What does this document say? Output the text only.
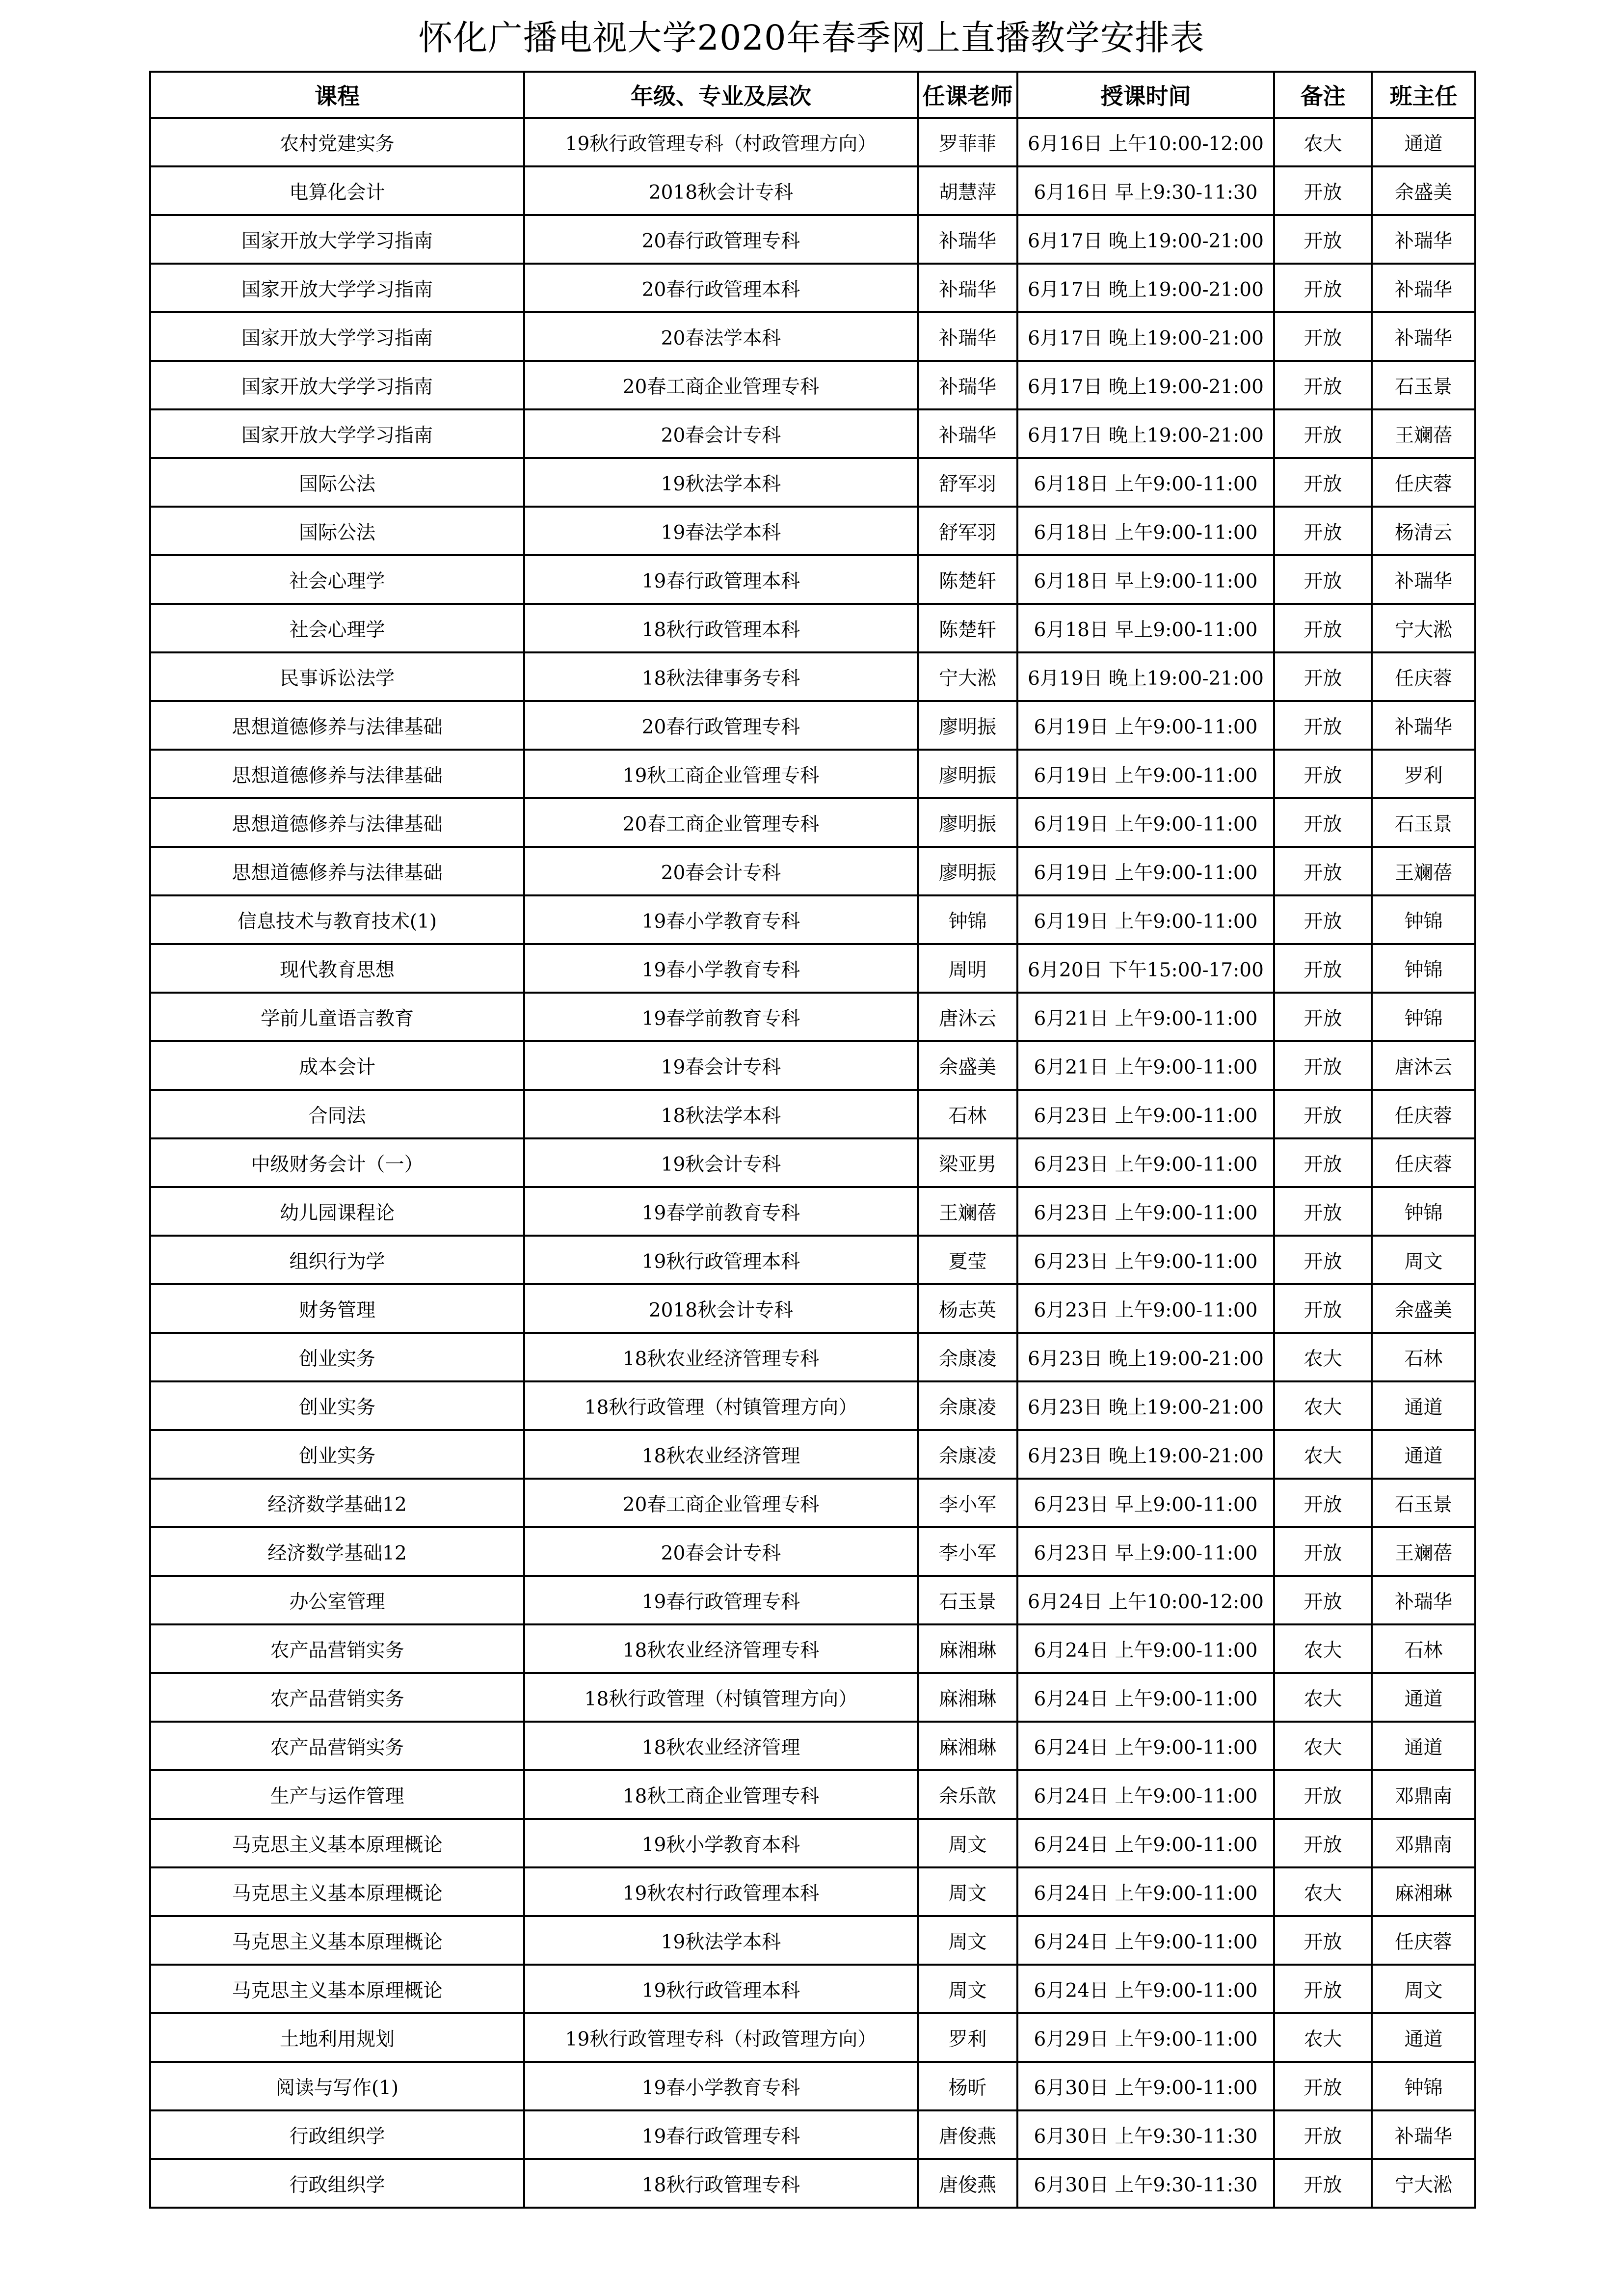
怀化广播电视大学2020年春季网上直播教学安排表
课程	年级、专业及层次	任课老师	授课时间	备注	班主任
农村党建实务	19秋行政管理专科（村政管理方向）	罗菲菲	6月16日 上午10:00-12:00	农大	通道
电算化会计	2018秋会计专科	胡慧萍	6月16日 早上9:30-11:30	开放	余盛美
国家开放大学学习指南	20春行政管理专科	补瑞华	6月17日 晚上19:00-21:00	开放	补瑞华
国家开放大学学习指南	20春行政管理本科	补瑞华	6月17日 晚上19:00-21:00	开放	补瑞华
国家开放大学学习指南	20春法学本科	补瑞华	6月17日 晚上19:00-21:00	开放	补瑞华
国家开放大学学习指南	20春工商企业管理专科	补瑞华	6月17日 晚上19:00-21:00	开放	石玉景
国家开放大学学习指南	20春会计专科	补瑞华	6月17日 晚上19:00-21:00	开放	王斓蓓
国际公法	19秋法学本科	舒军羽	6月18日 上午9:00-11:00	开放	任庆蓉
国际公法	19春法学本科	舒军羽	6月18日 上午9:00-11:00	开放	杨清云
社会心理学	19春行政管理本科	陈楚轩	6月18日 早上9:00-11:00	开放	补瑞华
社会心理学	18秋行政管理本科	陈楚轩	6月18日 早上9:00-11:00	开放	宁大淞
民事诉讼法学	18秋法律事务专科	宁大淞	6月19日 晚上19:00-21:00	开放	任庆蓉
思想道德修养与法律基础	20春行政管理专科	廖明振	6月19日 上午9:00-11:00	开放	补瑞华
思想道德修养与法律基础	19秋工商企业管理专科	廖明振	6月19日 上午9:00-11:00	开放	罗利
思想道德修养与法律基础	20春工商企业管理专科	廖明振	6月19日 上午9:00-11:00	开放	石玉景
思想道德修养与法律基础	20春会计专科	廖明振	6月19日 上午9:00-11:00	开放	王斓蓓
信息技术与教育技术(1)	19春小学教育专科	钟锦	6月19日 上午9:00-11:00	开放	钟锦
现代教育思想	19春小学教育专科	周明	6月20日 下午15:00-17:00	开放	钟锦
学前儿童语言教育	19春学前教育专科	唐沐云	6月21日 上午9:00-11:00	开放	钟锦
成本会计	19春会计专科	余盛美	6月21日 上午9:00-11:00	开放	唐沐云
合同法	18秋法学本科	石林	6月23日 上午9:00-11:00	开放	任庆蓉
中级财务会计（一）	19秋会计专科	梁亚男	6月23日 上午9:00-11:00	开放	任庆蓉
幼儿园课程论	19春学前教育专科	王斓蓓	6月23日 上午9:00-11:00	开放	钟锦
组织行为学	19秋行政管理本科	夏莹	6月23日 上午9:00-11:00	开放	周文
财务管理	2018秋会计专科	杨志英	6月23日 上午9:00-11:00	开放	余盛美
创业实务	18秋农业经济管理专科	余康凌	6月23日 晚上19:00-21:00	农大	石林
创业实务	18秋行政管理（村镇管理方向）	余康凌	6月23日 晚上19:00-21:00	农大	通道
创业实务	18秋农业经济管理	余康凌	6月23日 晚上19:00-21:00	农大	通道
经济数学基础12	20春工商企业管理专科	李小军	6月23日 早上9:00-11:00	开放	石玉景
经济数学基础12	20春会计专科	李小军	6月23日 早上9:00-11:00	开放	王斓蓓
办公室管理	19春行政管理专科	石玉景	6月24日 上午10:00-12:00	开放	补瑞华
农产品营销实务	18秋农业经济管理专科	麻湘琳	6月24日 上午9:00-11:00	农大	石林
农产品营销实务	18秋行政管理（村镇管理方向）	麻湘琳	6月24日 上午9:00-11:00	农大	通道
农产品营销实务	18秋农业经济管理	麻湘琳	6月24日 上午9:00-11:00	农大	通道
生产与运作管理	18秋工商企业管理专科	余乐歆	6月24日 上午9:00-11:00	开放	邓鼎南
马克思主义基本原理概论	19秋小学教育本科	周文	6月24日 上午9:00-11:00	开放	邓鼎南
马克思主义基本原理概论	19秋农村行政管理本科	周文	6月24日 上午9:00-11:00	农大	麻湘琳
马克思主义基本原理概论	19秋法学本科	周文	6月24日 上午9:00-11:00	开放	任庆蓉
马克思主义基本原理概论	19秋行政管理本科	周文	6月24日 上午9:00-11:00	开放	周文
土地利用规划	19秋行政管理专科（村政管理方向）	罗利	6月29日 上午9:00-11:00	农大	通道
阅读与写作(1)	19春小学教育专科	杨昕	6月30日 上午9:00-11:00	开放	钟锦
行政组织学	19春行政管理专科	唐俊燕	6月30日 上午9:30-11:30	开放	补瑞华
行政组织学	18秋行政管理专科	唐俊燕	6月30日 上午9:30-11:30	开放	宁大淞
